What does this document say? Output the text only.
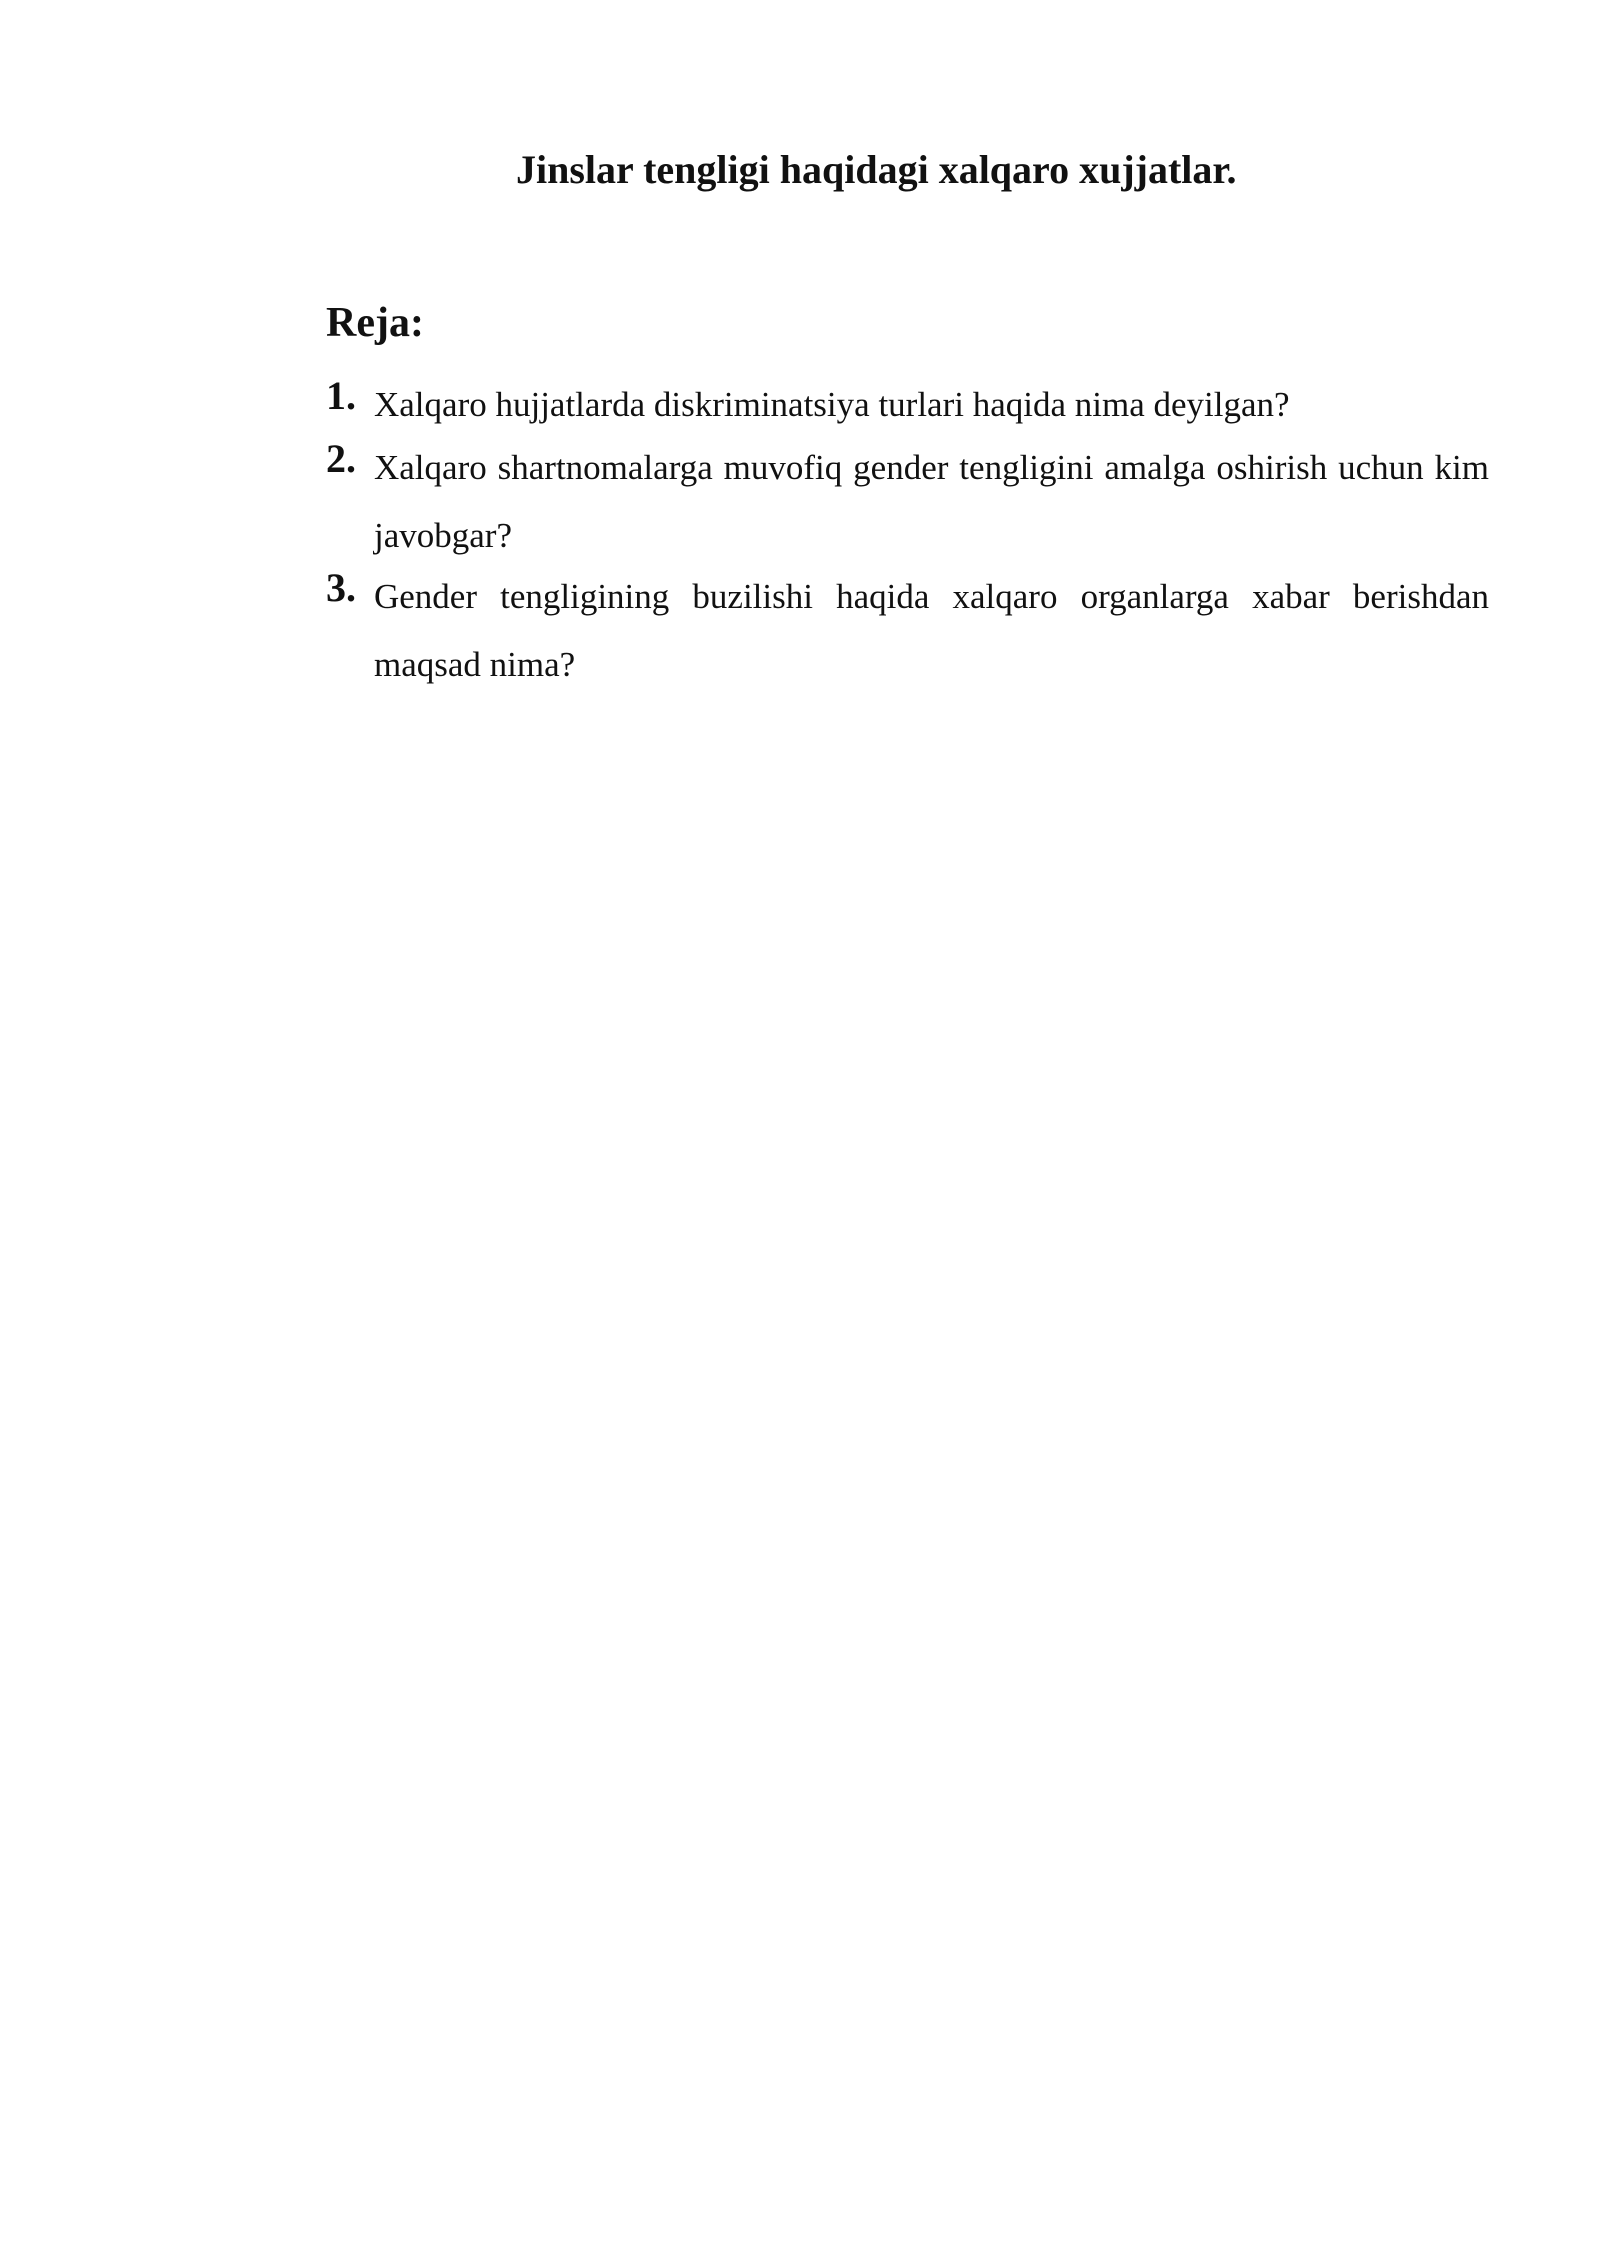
Jinslar tengligi haqidagi xalqaro xujjatlar.
Reja:
1. Xalqaro hujjatlarda diskriminatsiya turlari haqida nima deyilgan?
2. Xalqaro shartnomalarga muvofiq gender tengligini amalga oshirish uchun kim javobgar?
3. Gender tengligining buzilishi haqida xalqaro organlarga xabar berishdan maqsad nima?
